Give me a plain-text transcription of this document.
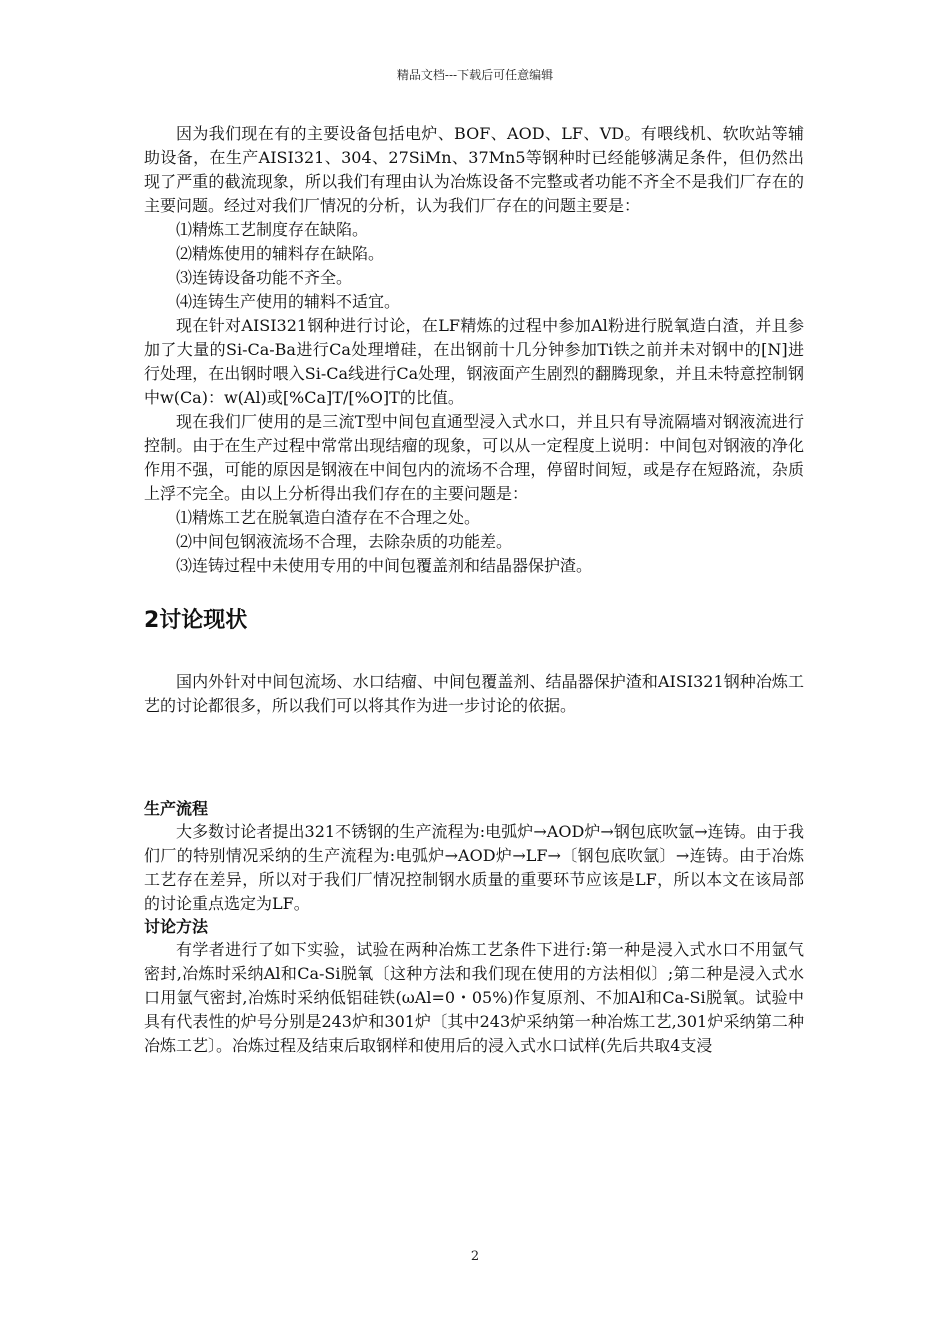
精品文档---下载后可任意编辑

因为我们现在有的主要设备包括电炉、BOF、AOD、LF、VD。有喂线机、软吹站等辅助设备，在生产AISI321、304、27SiMn、37Mn5等钢种时已经能够满足条件，但仍然出现了严重的截流现象，所以我们有理由认为冶炼设备不完整或者功能不齐全不是我们厂存在的主要问题。经过对我们厂情况的分析，认为我们厂存在的问题主要是：

⑴精炼工艺制度存在缺陷。

⑵精炼使用的辅料存在缺陷。

⑶连铸设备功能不齐全。

⑷连铸生产使用的辅料不适宜。

现在针对AISI321钢种进行讨论，在LF精炼的过程中参加Al粉进行脱氧造白渣，并且参加了大量的Si-Ca-Ba进行Ca处理增硅，在出钢前十几分钟参加Ti铁之前并未对钢中的[N]进行处理，在出钢时喂入Si-Ca线进行Ca处理，钢液面产生剧烈的翻腾现象，并且未特意控制钢中w(Ca)：w(Al)或[%Ca]T/[%O]T的比值。

现在我们厂使用的是三流T型中间包直通型浸入式水口，并且只有导流隔墙对钢液流进行控制。由于在生产过程中常常出现结瘤的现象，可以从一定程度上说明：中间包对钢液的净化作用不强，可能的原因是钢液在中间包内的流场不合理，停留时间短，或是存在短路流，杂质上浮不完全。由以上分析得出我们存在的主要问题是：

⑴精炼工艺在脱氧造白渣存在不合理之处。

⑵中间包钢液流场不合理，去除杂质的功能差。

⑶连铸过程中未使用专用的中间包覆盖剂和结晶器保护渣。

2讨论现状

国内外针对中间包流场、水口结瘤、中间包覆盖剂、结晶器保护渣和AISI321钢种冶炼工艺的讨论都很多，所以我们可以将其作为进一步讨论的依据。

生产流程

大多数讨论者提出321不锈钢的生产流程为:电弧炉→AOD炉→钢包底吹氩→连铸。由于我们厂的特别情况采纳的生产流程为:电弧炉→AOD炉→LF→〔钢包底吹氩〕→连铸。由于冶炼工艺存在差异，所以对于我们厂情况控制钢水质量的重要环节应该是LF，所以本文在该局部的讨论重点选定为LF。

讨论方法

有学者进行了如下实验，试验在两种冶炼工艺条件下进行:第一种是浸入式水口不用氩气密封,冶炼时采纳Al和Ca-Si脱氧〔这种方法和我们现在使用的方法相似〕;第二种是浸入式水口用氩气密封,冶炼时采纳低铝硅铁(ωAl=0・05%)作复原剂、不加Al和Ca-Si脱氧。试验中具有代表性的炉号分别是243炉和301炉〔其中243炉采纳第一种冶炼工艺,301炉采纳第二种冶炼工艺〕。冶炼过程及结束后取钢样和使用后的浸入式水口试样(先后共取4支浸

2
